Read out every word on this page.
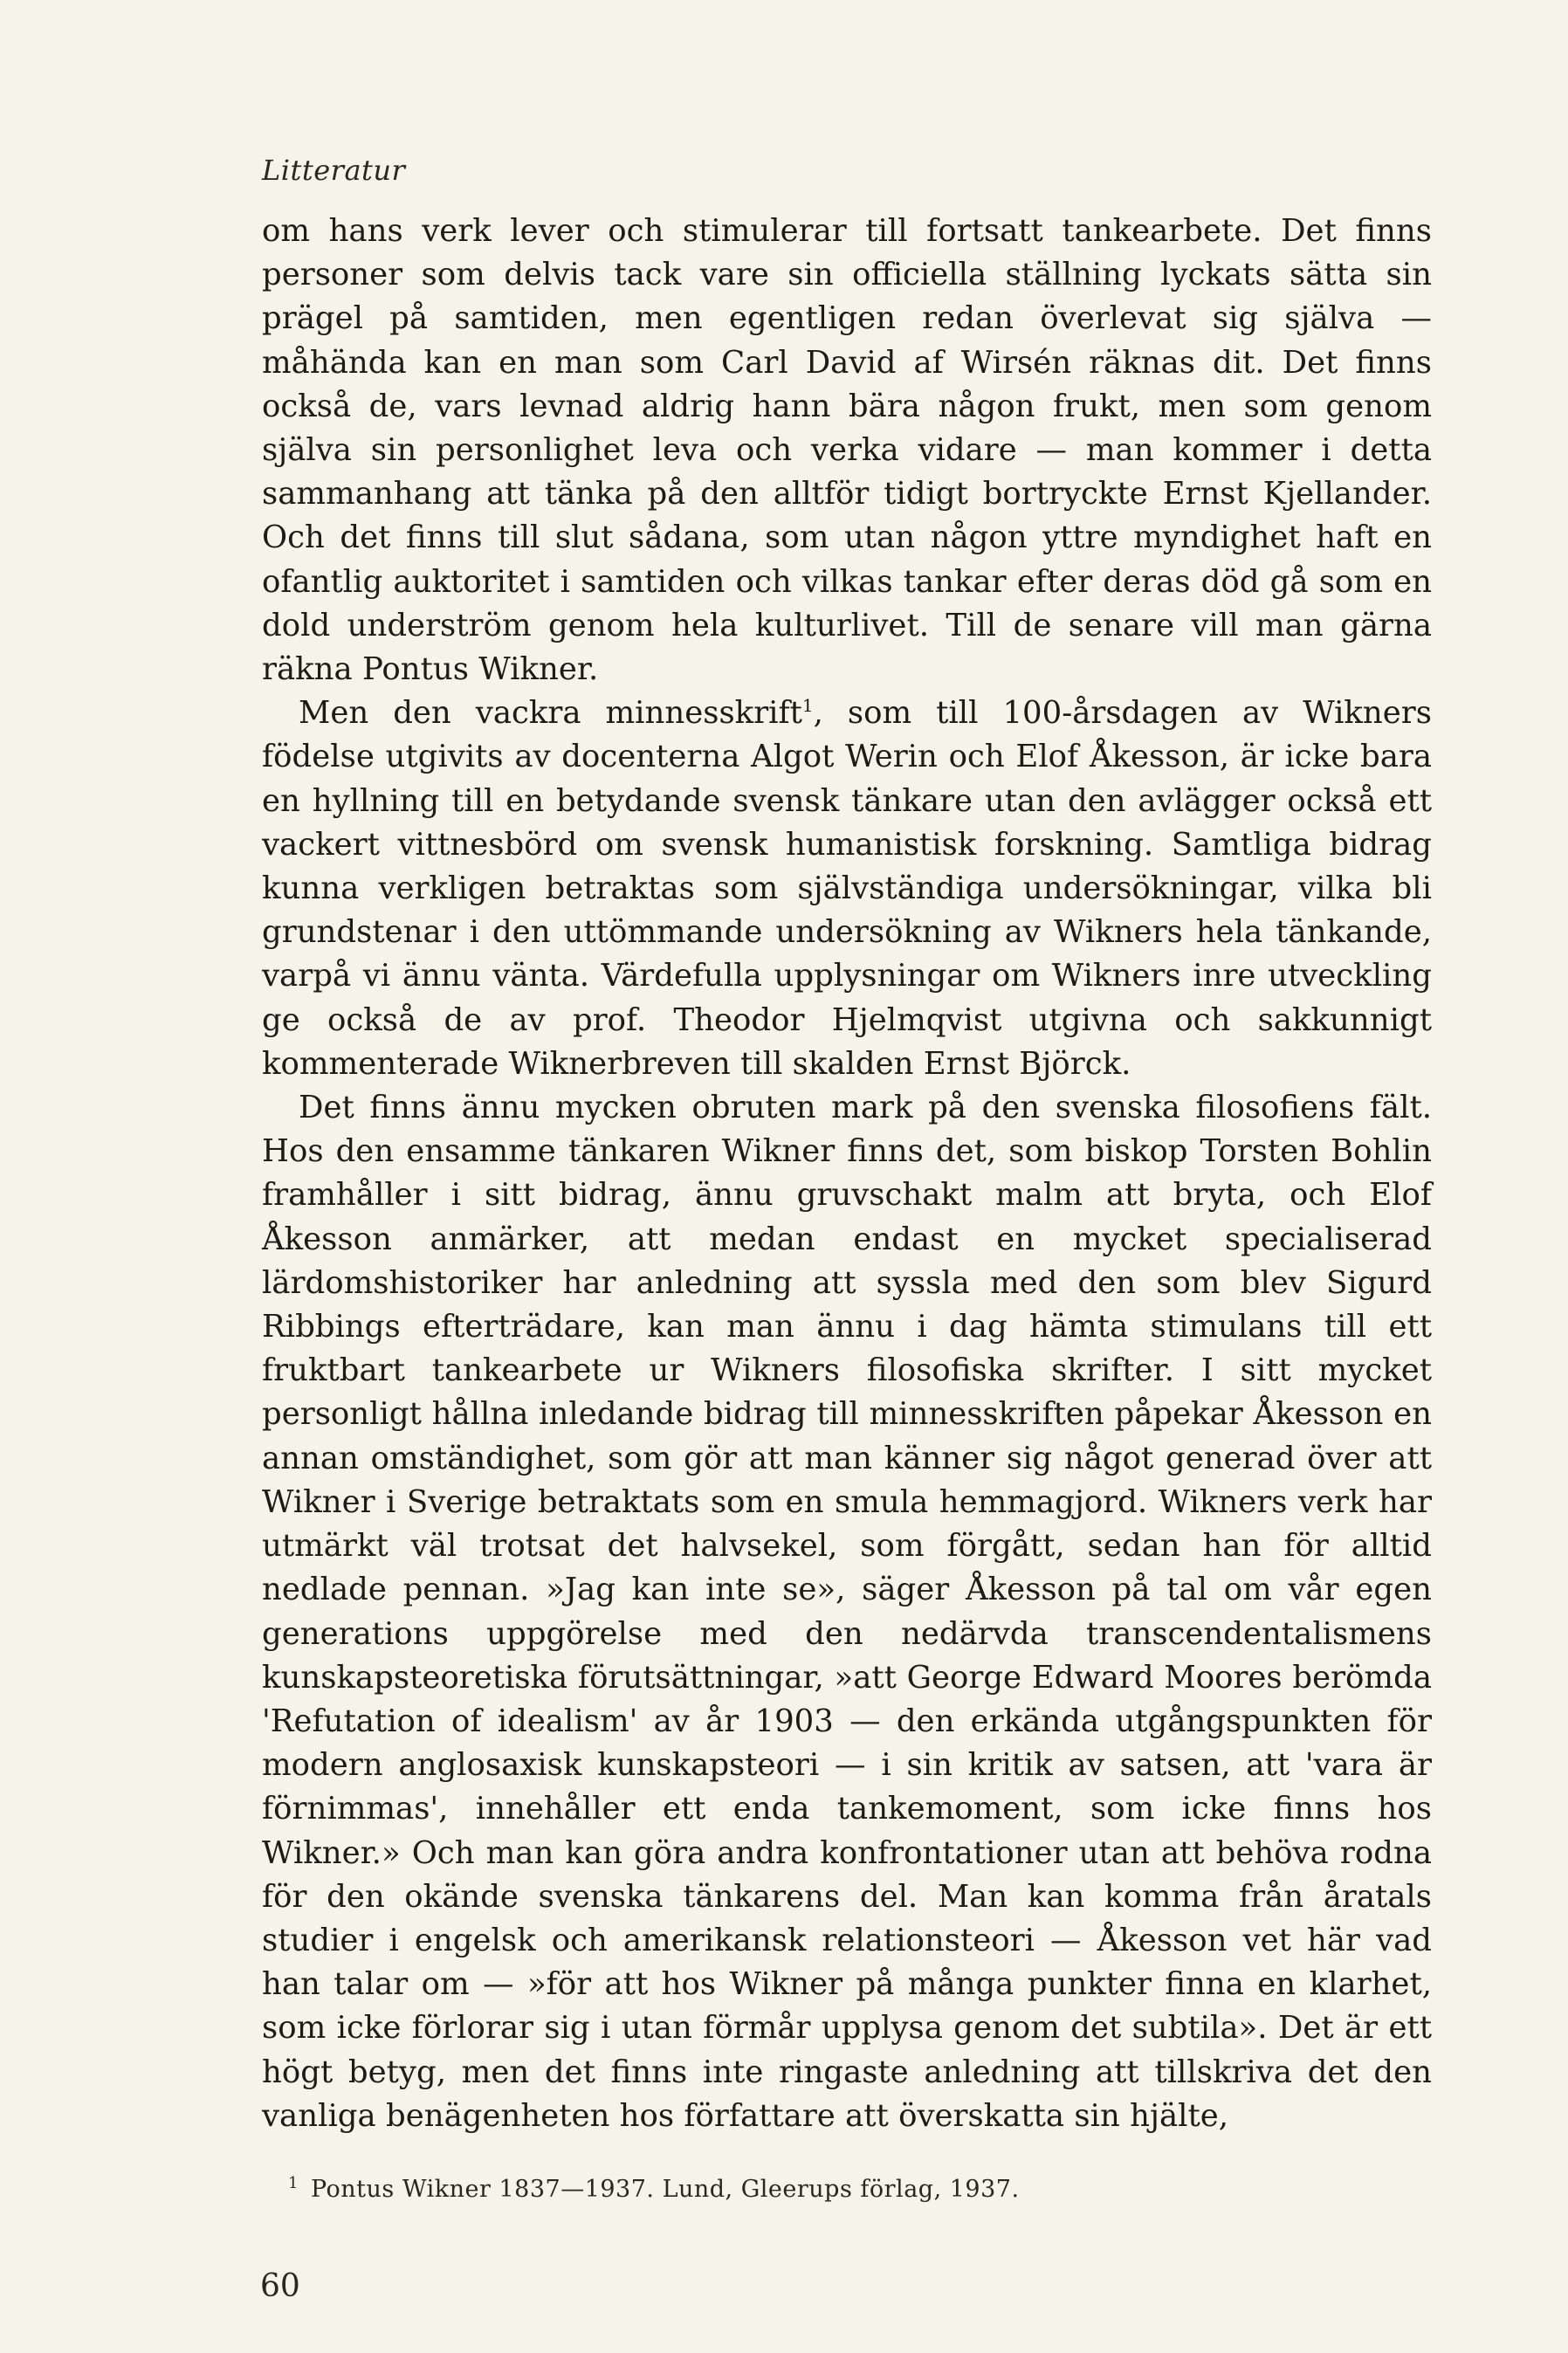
Litteratur

om hans verk lever och stimulerar till fortsatt tankearbete. Det finns personer som delvis tack vare sin officiella ställning lyckats sätta sin prägel på samtiden, men egentligen redan överlevat sig själva — måhända kan en man som Carl David af Wirsén räknas dit. Det finns också de, vars levnad aldrig hann bära någon frukt, men som genom själva sin personlighet leva och verka vidare — man kommer i detta sammanhang att tänka på den alltför tidigt bortryckte Ernst Kjellander. Och det finns till slut sådana, som utan någon yttre myndighet haft en ofantlig auktoritet i samtiden och vilkas tankar efter deras död gå som en dold underström genom hela kulturlivet. Till de senare vill man gärna räkna Pontus Wikner.

Men den vackra minnesskrift$^1$, som till 100-årsdagen av Wikners födelse utgivits av docenterna Algot Werin och Elof Åkesson, är icke bara en hyllning till en betydande svensk tänkare utan den avlägger också ett vackert vittnesbörd om svensk humanistisk forskning. Samtliga bidrag kunna verkligen betraktas som självständiga undersökningar, vilka bli grundstenar i den uttömmande undersökning av Wikners hela tänkande, varpå vi ännu vänta. Värdefulla upplysningar om Wikners inre utveckling ge också de av prof. Theodor Hjelmqvist utgivna och sakkunnigt kommenterade Wiknerbreven till skalden Ernst Björck.

Det finns ännu mycken obruten mark på den svenska filosofiens fält. Hos den ensamme tänkaren Wikner finns det, som biskop Torsten Bohlin framhåller i sitt bidrag, ännu gruvschakt malm att bryta, och Elof Åkesson anmärker, att medan endast en mycket specialiserad lärdomshistoriker har anledning att syssla med den som blev Sigurd Ribbings efterträdare, kan man ännu i dag hämta stimulans till ett fruktbart tankearbete ur Wikners filosofiska skrifter. I sitt mycket personligt hållna inledande bidrag till minnesskriften påpekar Åkesson en annan omständighet, som gör att man känner sig något generad över att Wikner i Sverige betraktats som en smula hemmagjord. Wikners verk har utmärkt väl trotsat det halvsekel, som förgått, sedan han för alltid nedlade pennan. »Jag kan inte se», säger Åkesson på tal om vår egen generations uppgörelse med den nedärvda transcendentalismens kunskapsteoretiska förutsättningar, »att George Edward Moores berömda 'Refutation of idealism' av år 1903 — den erkända utgångspunkten för modern anglosaxisk kunskapsteori — i sin kritik av satsen, att 'vara är förnimmas', innehåller ett enda tankemoment, som icke finns hos Wikner.» Och man kan göra andra konfrontationer utan att behöva rodna för den okände svenska tänkarens del. Man kan komma från åratals studier i engelsk och amerikansk relationsteori — Åkesson vet här vad han talar om — »för att hos Wikner på många punkter finna en klarhet, som icke förlorar sig i utan förmår upplysa genom det subtila». Det är ett högt betyg, men det finns inte ringaste anledning att tillskriva det den vanliga benägenheten hos författare att överskatta sin hjälte,

$^1$ Pontus Wikner 1837—1937. Lund, Gleerups förlag, 1937.
60
